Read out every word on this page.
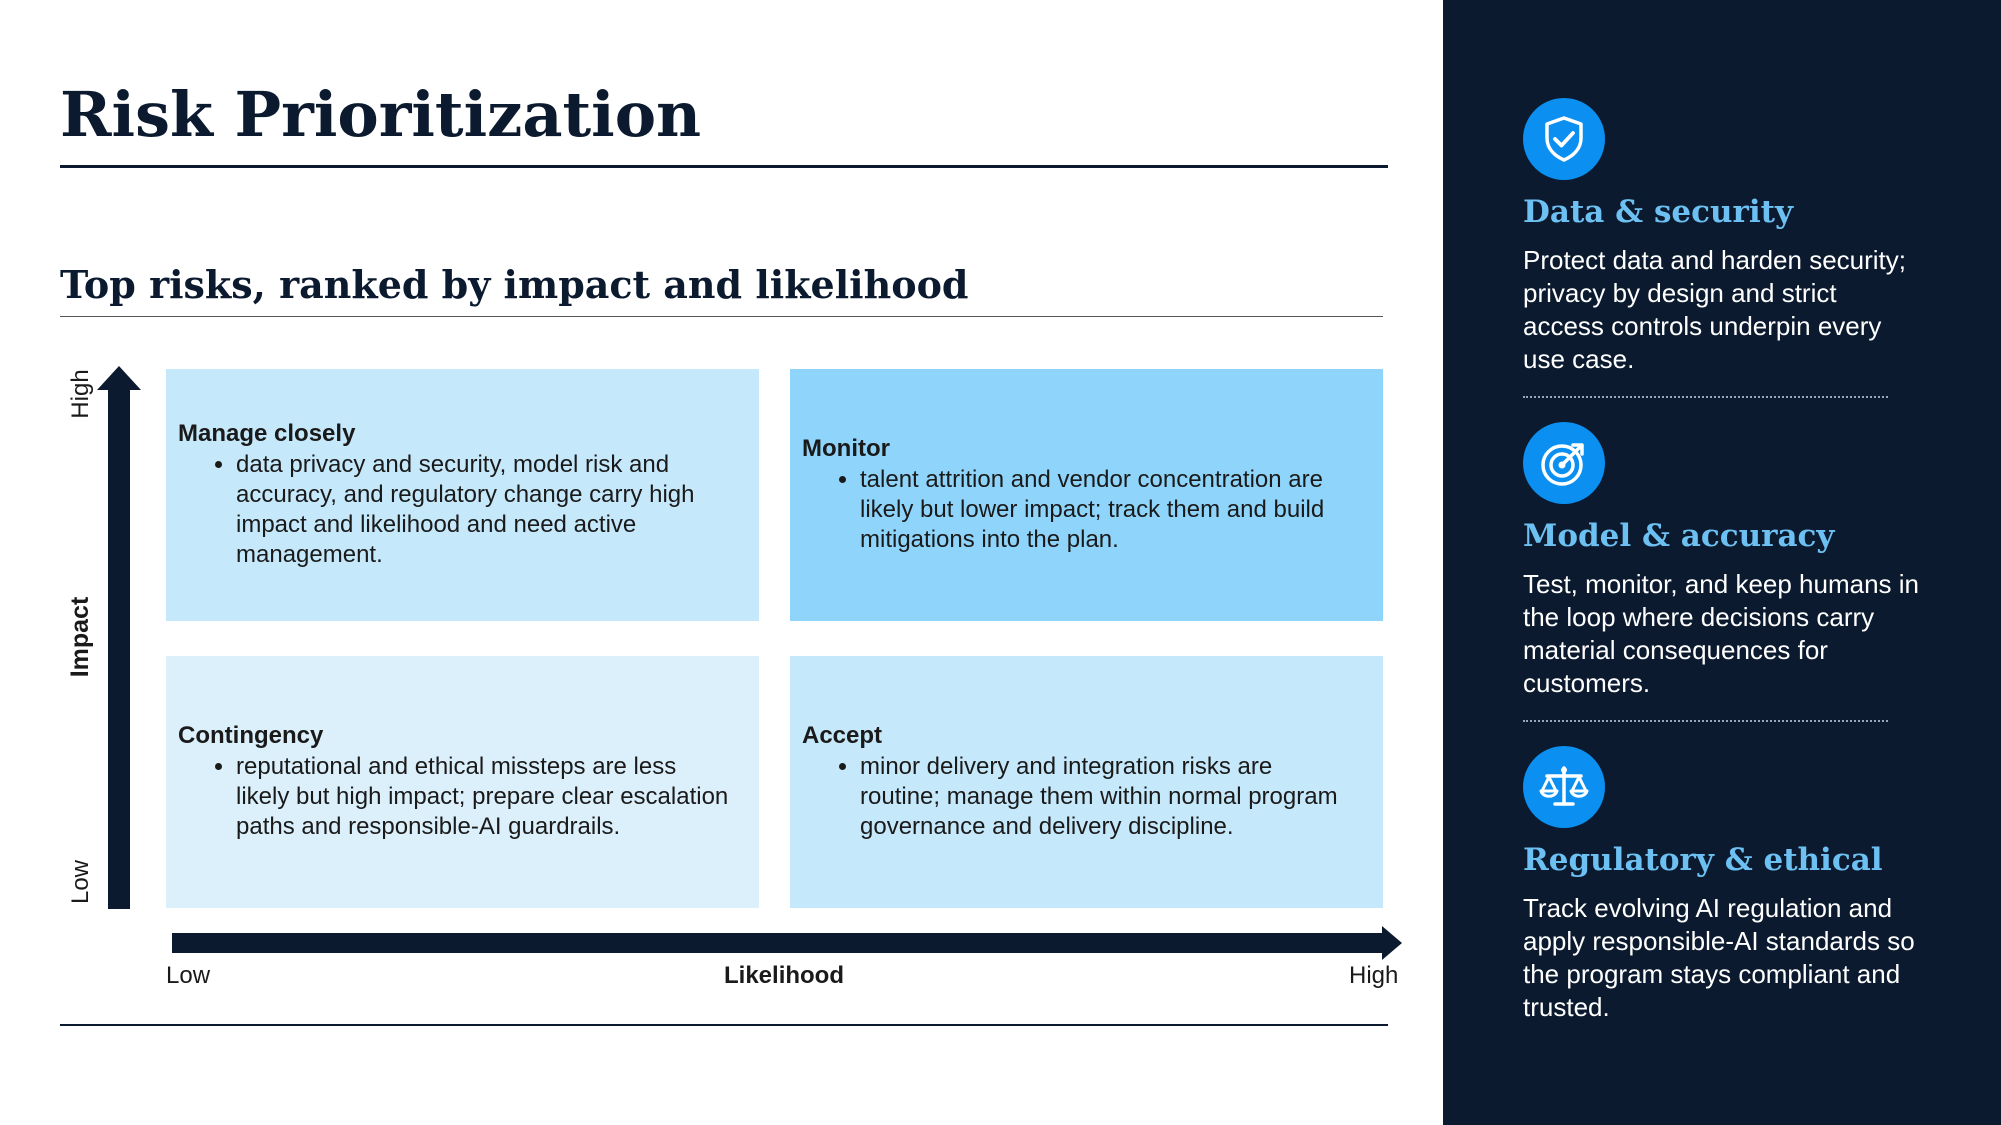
Risk Prioritization
Top risks, ranked by impact and likelihood
High
Impact
Low

Manage closely

• data privacy and security, model risk and accuracy, and regulatory change carry high impact and likelihood and need active management.

Monitor

• talent attrition and vendor concentration are likely but lower impact; track them and build mitigations into the plan.

Contingency

• reputational and ethical missteps are less likely but high impact; prepare clear escalation paths and responsible-AI guardrails.

Accept

• minor delivery and integration risks are routine; manage them within normal program governance and delivery discipline.
Low	Likelihood	High
Data & security

Protect data and harden security; privacy by design and strict access controls underpin every use case.

Model & accuracy

Test, monitor, and keep humans in the loop where decisions carry material consequences for customers.

Regulatory & ethical

Track evolving AI regulation and apply responsible-AI standards so the program stays compliant and trusted.
